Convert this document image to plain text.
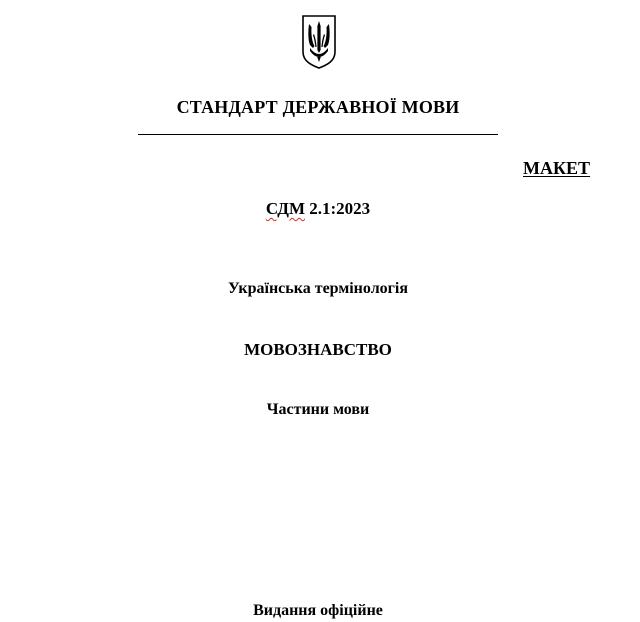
СТАНДАРТ ДЕРЖАВНОЇ МОВИ
МАКЕТ
СДМ 2.1:2023
Українська термінологія
МОВОЗНАВСТВО
Частини мови
Видання офіційне
